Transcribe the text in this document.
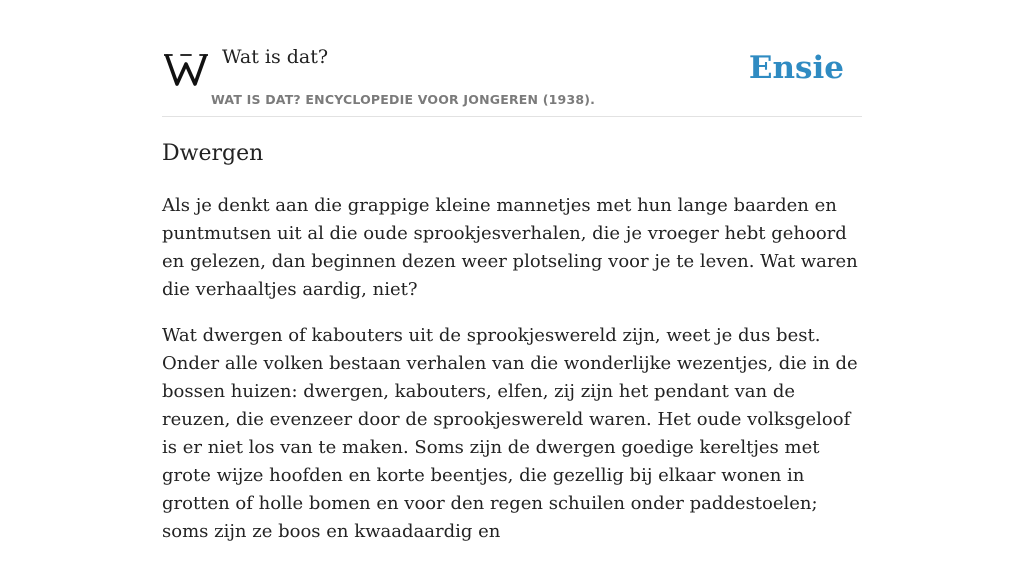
Wat is dat?
WAT IS DAT? ENCYCLOPEDIE VOOR JONGEREN (1938).
Ensie
Dwergen

Als je denkt aan die grappige kleine mannetjes met hun lange baarden en puntmutsen uit al die oude sprookjesverhalen, die je vroeger hebt gehoord en gelezen, dan beginnen dezen weer plotseling voor je te leven. Wat waren die verhaaltjes aardig, niet?

Wat dwergen of kabouters uit de sprookjeswereld zijn, weet je dus best. Onder alle volken bestaan verhalen van die wonderlijke wezentjes, die in de bossen huizen: dwergen, kabouters, elfen, zij zijn het pendant van de reuzen, die evenzeer door de sprookjeswereld waren. Het oude volksgeloof is er niet los van te maken. Soms zijn de dwergen goedige kereltjes met grote wijze hoofden en korte beentjes, die gezellig bij elkaar wonen in grotten of holle bomen en voor den regen schuilen onder paddestoelen; soms zijn ze boos en kwaadaardig en
